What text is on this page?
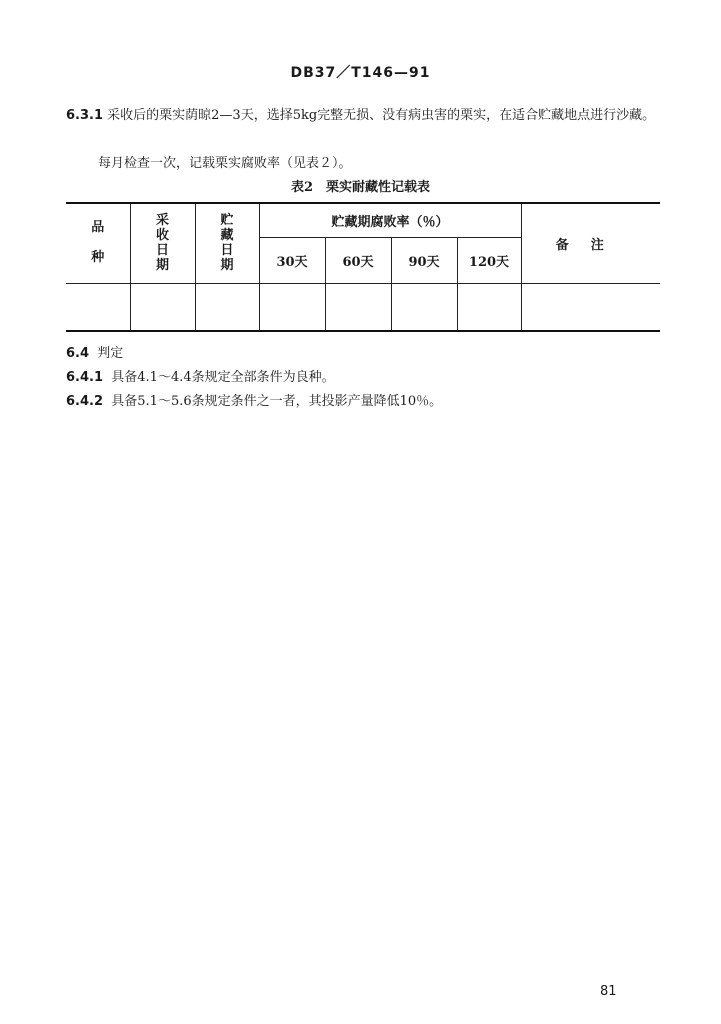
DB37／T146—91
6.3.1 采收后的栗实荫晾2—3天，选择5kg完整无损、没有病虫害的栗实，在适合贮藏地点进行沙藏。
每月检查一次，记载栗实腐败率（见表２）。
表2　栗实耐藏性记载表
品种	采收日期	贮藏日期	贮藏期腐败率（％）				备注
			30天	60天	90天	120天	

6.4 判定
6.4.1 具备4.1～4.4条规定全部条件为良种。
6.4.2 具备5.1～5.6条规定条件之一者，其投影产量降低10％。
81
